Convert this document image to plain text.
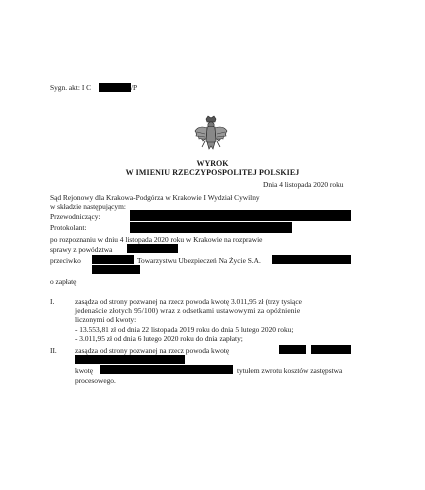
Sygn. akt: I C	/P
WYROK
W IMIENIU RZECZYPOSPOLITEJ POLSKIEJ
Dnia 4 listopada 2020 roku
Sąd Rejonowy dla Krakowa-Podgórza w Krakowie I Wydział Cywilny
w składzie następującym:
Przewodniczący:
Protokolant:
po rozpoznaniu w dniu 4 listopada 2020 roku w Krakowie na rozprawie
sprawy z powództwa
przeciwko	Towarzystwu Ubezpieczeń Na Życie S.A.
o zapłatę
I.	zasądza od strony pozwanej na rzecz powoda kwotę 3.011,95 zł (trzy tysiące
jedenaście złotych 95/100) wraz z odsetkami ustawowymi za opóźnienie
liczonymi od kwoty:
- 13.553,81 zł od dnia 22 listopada 2019 roku do dnia 5 lutego 2020 roku;
- 3.011,95 zł od dnia 6 lutego 2020 roku do dnia zapłaty;
II. zasądza od strony pozwanej na rzecz powoda kwotę
kwotę	tytułem zwrotu kosztów zastępstwa
procesowego.
